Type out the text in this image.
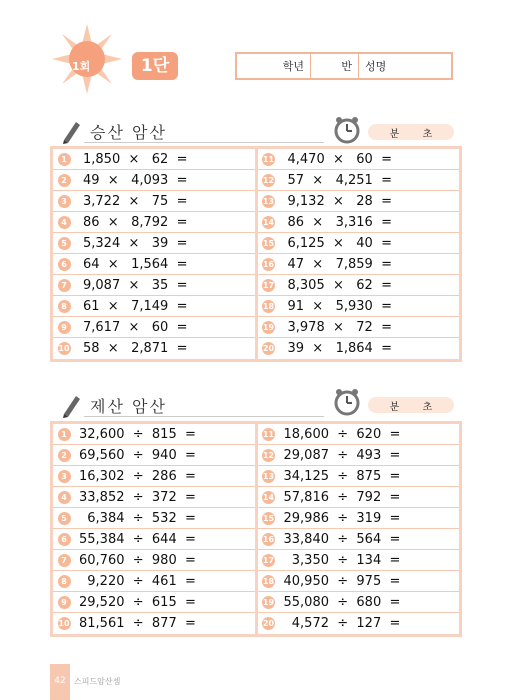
1회	1단	학년	반 성명
승산 암산	분 초
1	1,850  ×   62  =
2	49  ×   4,093  =
3	3,722  ×   75  =
4	86  ×   8,792  =
5	5,324  ×   39  =
6	64  ×   1,564  =
7	9,087  ×   35  =
8	61  ×   7,149  =
9	7,617  ×   60  =
10	58  ×   2,871  =
11	4,470  ×   60  =
12	57  ×   4,251  =
13	9,132  ×   28  =
14	86  ×   3,316  =
15	6,125  ×   40  =
16	47  ×   7,859  =
17	8,305  ×   62  =
18	91  ×   5,930  =
19	3,978  ×   72  =
20	39  ×   1,864  =
제산 암산	분 초
1 32,600  ÷  815  =
2 69,560  ÷  940  =
3 16,302  ÷  286  =
4 33,852  ÷  372  =
5 6,384  ÷  532  =
6 55,384  ÷  644  =
7 60,760  ÷  980  =
8 9,220  ÷  461  =
9 29,520  ÷  615  =
10 81,561  ÷  877  =
11 18,600  ÷  620  =
12 29,087  ÷  493  =
13 34,125  ÷  875  =
14 57,816  ÷  792  =
15 29,986  ÷  319  =
16 33,840  ÷  564  =
17 3,350  ÷  134  =
18 40,950  ÷  975  =
19 55,080  ÷  680  =
20 4,572  ÷  127  =
42	스피드암산셈
